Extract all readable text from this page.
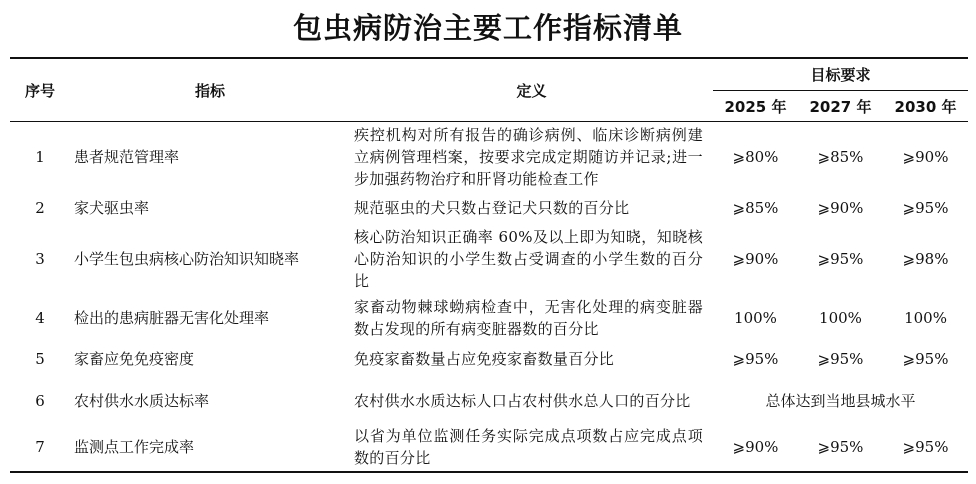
包虫病防治主要工作指标清单
序号	指标	定义	目标要求		
			2025 年	2027 年	2030 年
1	患者规范管理率	疾控机构对所有报告的确诊病例、临床诊断病例建立病例管理档案，按要求完成定期随访并记录;进一步加强药物治疗和肝肾功能检查工作	⩾80%	⩾85%	⩾90%
2	家犬驱虫率	规范驱虫的犬只数占登记犬只数的百分比	⩾85%	⩾90%	⩾95%
3	小学生包虫病核心防治知识知晓率	核心防治知识正确率 60%及以上即为知晓，知晓核心防治知识的小学生数占受调查的小学生数的百分比	⩾90%	⩾95%	⩾98%
4	检出的患病脏器无害化处理率	家畜动物棘球蚴病检查中，无害化处理的病变脏器数占发现的所有病变脏器数的百分比	100%	100%	100%
5	家畜应免免疫密度	免疫家畜数量占应免疫家畜数量百分比	⩾95%	⩾95%	⩾95%
6	农村供水水质达标率	农村供水水质达标人口占农村供水总人口的百分比	总体达到当地县城水平		
7	监测点工作完成率	以省为单位监测任务实际完成点项数占应完成点项数的百分比	⩾90%	⩾95%	⩾95%
